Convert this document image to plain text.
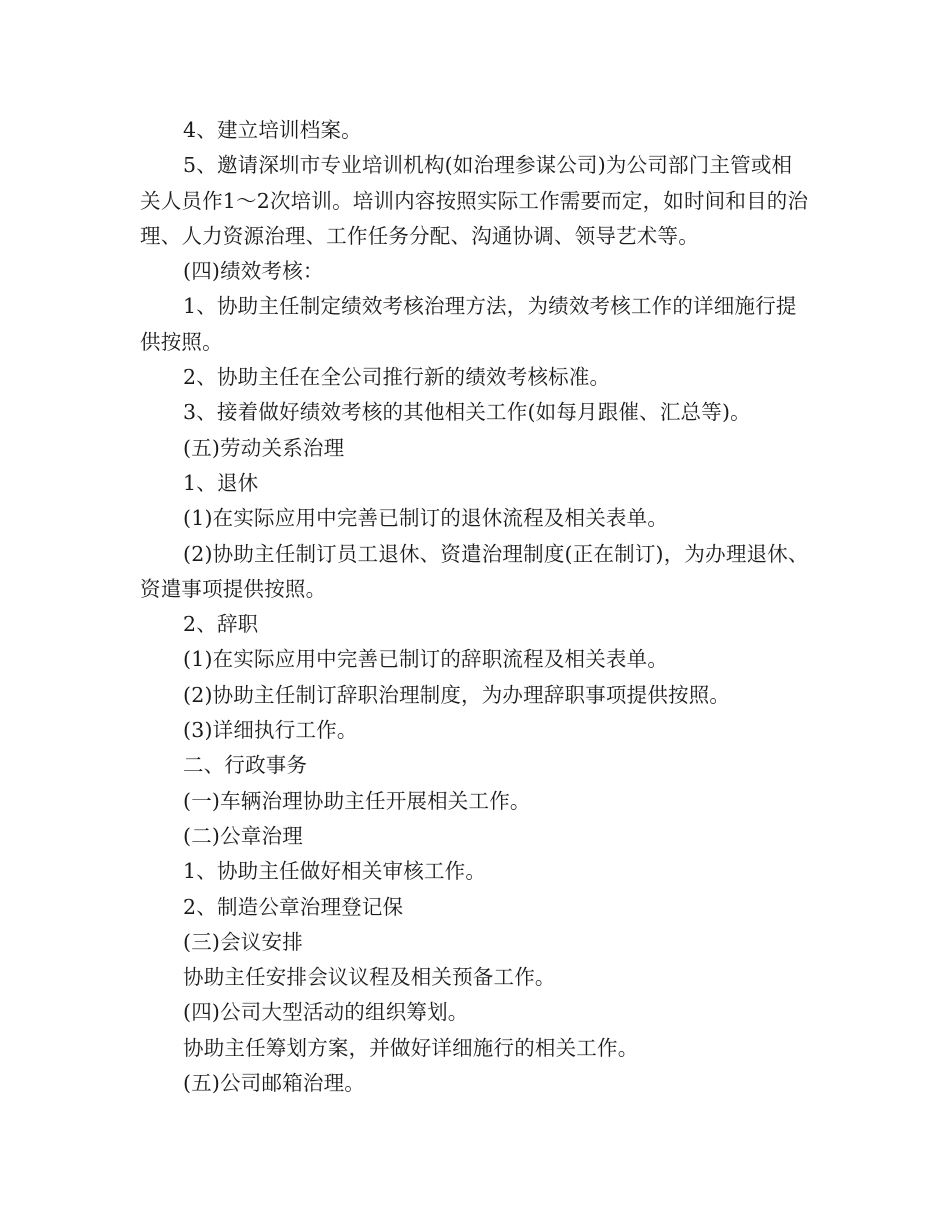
4、建立培训档案。

5、邀请深圳市专业培训机构(如治理参谋公司)为公司部门主管或相关人员作1～2次培训。培训内容按照实际工作需要而定，如时间和目的治理、人力资源治理、工作任务分配、沟通协调、领导艺术等。

(四)绩效考核：

1、协助主任制定绩效考核治理方法，为绩效考核工作的详细施行提供按照。

2、协助主任在全公司推行新的绩效考核标准。

3、接着做好绩效考核的其他相关工作(如每月跟催、汇总等)。

(五)劳动关系治理

1、退休

(1)在实际应用中完善已制订的退休流程及相关表单。

(2)协助主任制订员工退休、资遣治理制度(正在制订)，为办理退休、资遣事项提供按照。

2、辞职

(1)在实际应用中完善已制订的辞职流程及相关表单。

(2)协助主任制订辞职治理制度，为办理辞职事项提供按照。

(3)详细执行工作。

二、行政事务

(一)车辆治理协助主任开展相关工作。

(二)公章治理

1、协助主任做好相关审核工作。

2、制造公章治理登记保

(三)会议安排

协助主任安排会议议程及相关预备工作。

(四)公司大型活动的组织筹划。

协助主任筹划方案，并做好详细施行的相关工作。

(五)公司邮箱治理。
